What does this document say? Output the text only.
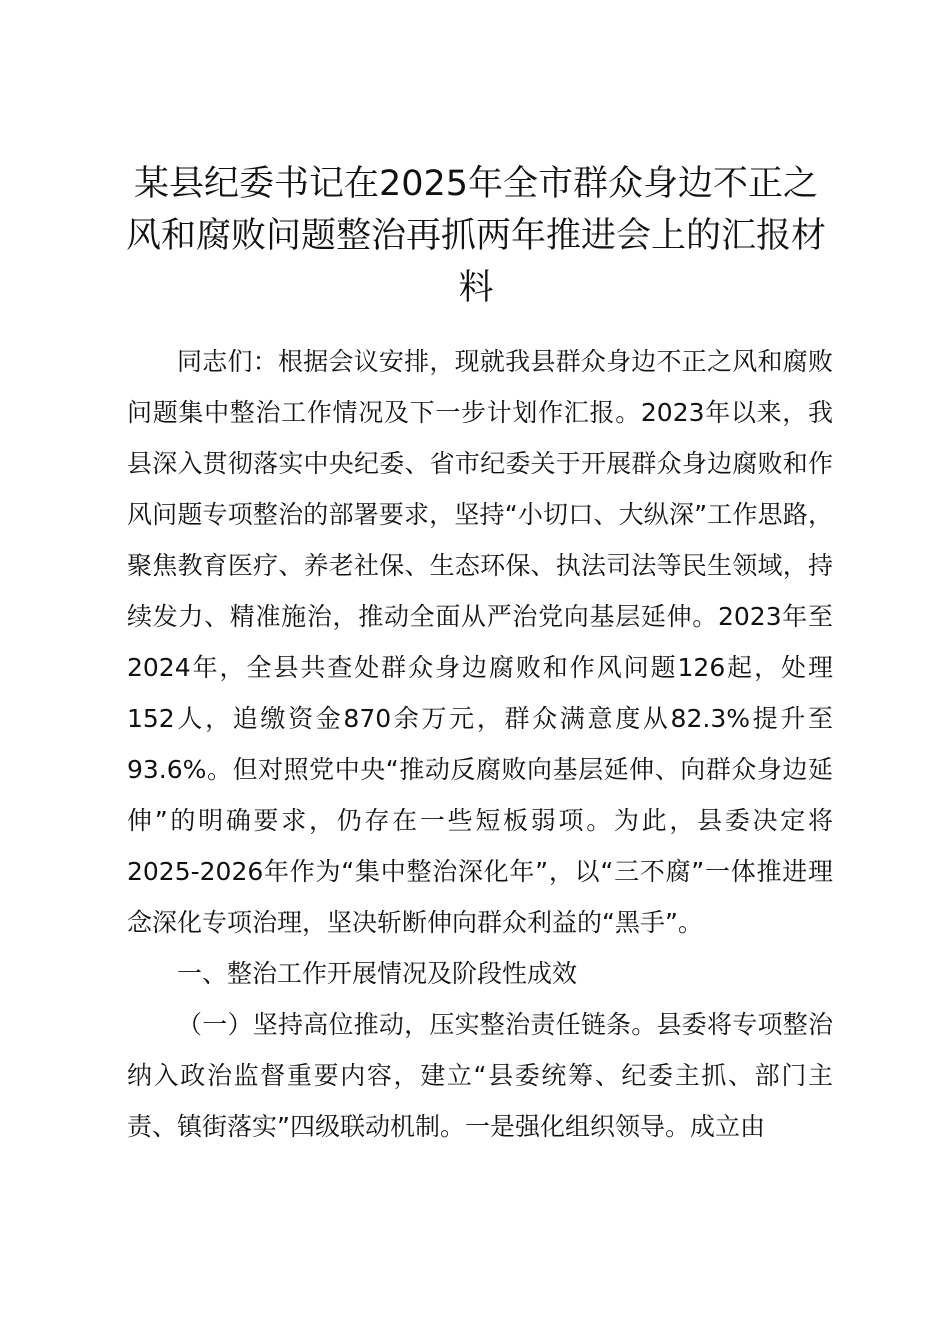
某县纪委书记在2025年全市群众身边不正之风和腐败问题整治再抓两年推进会上的汇报材料

同志们：根据会议安排，现就我县群众身边不正之风和腐败问题集中整治工作情况及下一步计划作汇报。2023年以来，我县深入贯彻落实中央纪委、省市纪委关于开展群众身边腐败和作风问题专项整治的部署要求，坚持“小切口、大纵深”工作思路，聚焦教育医疗、养老社保、生态环保、执法司法等民生领域，持续发力、精准施治，推动全面从严治党向基层延伸。2023年至2024年，全县共查处群众身边腐败和作风问题126起，处理152人，追缴资金870余万元，群众满意度从82.3%提升至93.6%。但对照党中央“推动反腐败向基层延伸、向群众身边延伸”的明确要求，仍存在一些短板弱项。为此，县委决定将2025-2026年作为“集中整治深化年”，以“三不腐”一体推进理念深化专项治理，坚决斩断伸向群众利益的“黑手”。

一、整治工作开展情况及阶段性成效

（一）坚持高位推动，压实整治责任链条。县委将专项整治纳入政治监督重要内容，建立“县委统筹、纪委主抓、部门主责、镇街落实”四级联动机制。一是强化组织领导。成立由
